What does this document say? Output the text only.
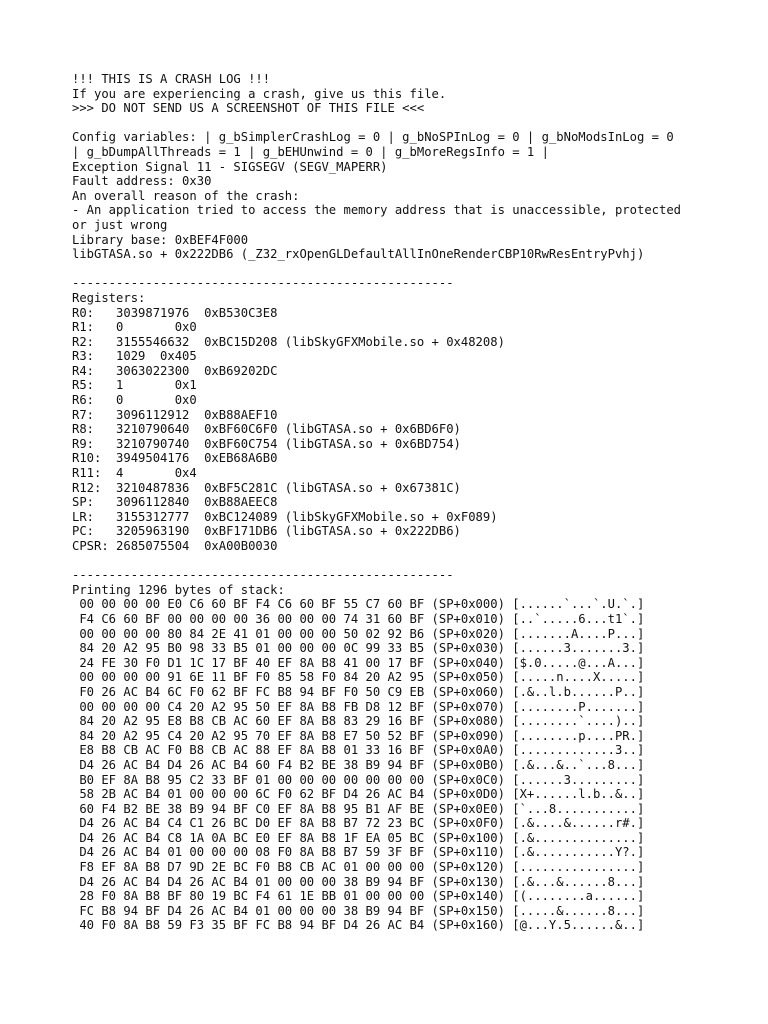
!!! THIS IS A CRASH LOG !!!
If you are experiencing a crash, give us this file.
>>> DO NOT SEND US A SCREENSHOT OF THIS FILE <<<
Config variables: | g_bSimplerCrashLog = 0 | g_bNoSPInLog = 0 | g_bNoModsInLog = 0
| g_bDumpAllThreads = 1 | g_bEHUnwind = 0 | g_bMoreRegsInfo = 1 |
Exception Signal 11 - SIGSEGV (SEGV_MAPERR)
Fault address: 0x30
An overall reason of the crash:
- An application tried to access the memory address that is unaccessible, protected
or just wrong
Library base: 0xBEF4F000
libGTASA.so + 0x222DB6 (_Z32_rxOpenGLDefaultAllInOneRenderCBP10RwResEntryPvhj)
----------------------------------------------------
Registers:
R0:   3039871976  0xB530C3E8
R1:   0       0x0
R2:   3155546632  0xBC15D208 (libSkyGFXMobile.so + 0x48208)
R3:   1029  0x405
R4:   3063022300  0xB69202DC
R5:   1       0x1
R6:   0       0x0
R7:   3096112912  0xB88AEF10
R8:   3210790640  0xBF60C6F0 (libGTASA.so + 0x6BD6F0)
R9:   3210790740  0xBF60C754 (libGTASA.so + 0x6BD754)
R10:  3949504176  0xEB68A6B0
R11:  4       0x4
R12:  3210487836  0xBF5C281C (libGTASA.so + 0x67381C)
SP:   3096112840  0xB88AEEC8
LR:   3155312777  0xBC124089 (libSkyGFXMobile.so + 0xF089)
PC:   3205963190  0xBF171DB6 (libGTASA.so + 0x222DB6)
CPSR: 2685075504  0xA00B0030
----------------------------------------------------
Printing 1296 bytes of stack:
00 00 00 00 E0 C6 60 BF F4 C6 60 BF 55 C7 60 BF (SP+0x000) [......`...`.U.`.]
F4 C6 60 BF 00 00 00 00 36 00 00 00 74 31 60 BF (SP+0x010) [..`.....6...t1`.]
00 00 00 00 80 84 2E 41 01 00 00 00 50 02 92 B6 (SP+0x020) [.......A....P...]
84 20 A2 95 B0 98 33 B5 01 00 00 00 0C 99 33 B5 (SP+0x030) [......3.......3.]
24 FE 30 F0 D1 1C 17 BF 40 EF 8A B8 41 00 17 BF (SP+0x040) [$.0.....@...A...]
00 00 00 00 91 6E 11 BF F0 85 58 F0 84 20 A2 95 (SP+0x050) [.....n....X.....]
F0 26 AC B4 6C F0 62 BF FC B8 94 BF F0 50 C9 EB (SP+0x060) [.&..l.b......P..]
00 00 00 00 C4 20 A2 95 50 EF 8A B8 FB D8 12 BF (SP+0x070) [........P.......]
84 20 A2 95 E8 B8 CB AC 60 EF 8A B8 83 29 16 BF (SP+0x080) [........`....)..]
84 20 A2 95 C4 20 A2 95 70 EF 8A B8 E7 50 52 BF (SP+0x090) [........p....PR.]
E8 B8 CB AC F0 B8 CB AC 88 EF 8A B8 01 33 16 BF (SP+0x0A0) [.............3..]
D4 26 AC B4 D4 26 AC B4 60 F4 B2 BE 38 B9 94 BF (SP+0x0B0) [.&...&..`...8...]
B0 EF 8A B8 95 C2 33 BF 01 00 00 00 00 00 00 00 (SP+0x0C0) [......3.........]
58 2B AC B4 01 00 00 00 6C F0 62 BF D4 26 AC B4 (SP+0x0D0) [X+......l.b..&..]
60 F4 B2 BE 38 B9 94 BF C0 EF 8A B8 95 B1 AF BE (SP+0x0E0) [`...8...........]
D4 26 AC B4 C4 C1 26 BC D0 EF 8A B8 B7 72 23 BC (SP+0x0F0) [.&....&......r#.]
D4 26 AC B4 C8 1A 0A BC E0 EF 8A B8 1F EA 05 BC (SP+0x100) [.&..............]
D4 26 AC B4 01 00 00 00 08 F0 8A B8 B7 59 3F BF (SP+0x110) [.&...........Y?.]
F8 EF 8A B8 D7 9D 2E BC F0 B8 CB AC 01 00 00 00 (SP+0x120) [................]
D4 26 AC B4 D4 26 AC B4 01 00 00 00 38 B9 94 BF (SP+0x130) [.&...&......8...]
28 F0 8A B8 BF 80 19 BC F4 61 1E BB 01 00 00 00 (SP+0x140) [(........a......]
FC B8 94 BF D4 26 AC B4 01 00 00 00 38 B9 94 BF (SP+0x150) [.....&......8...]
40 F0 8A B8 59 F3 35 BF FC B8 94 BF D4 26 AC B4 (SP+0x160) [@...Y.5......&..]
